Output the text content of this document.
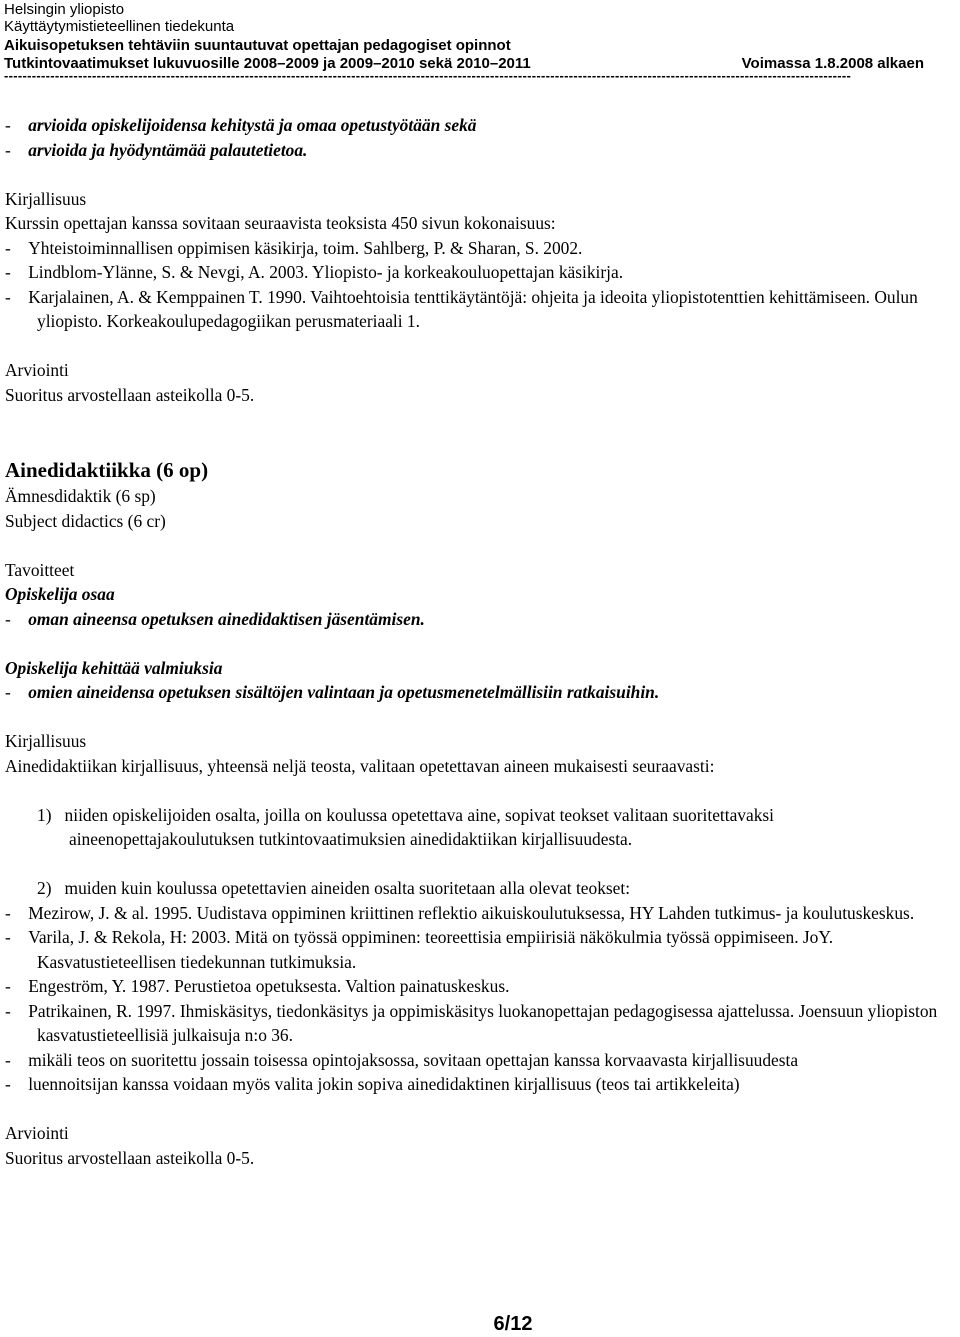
Helsingin yliopisto
Käyttäytymistieteellinen tiedekunta
Aikuisopetuksen tehtäviin suuntautuvat opettajan pedagogiset opinnot
Tutkintovaatimukset lukuvuosille 2008–2009 ja 2009–2010 sekä 2010–2011	Voimassa 1.8.2008 alkaen
---------------------------------------------------------------------------------------------------------------------------------------------------------------------------------------

- arvioida opiskelijoidensa kehitystä ja omaa opetustyötään sekä

- arvioida ja hyödyntämää palautetietoa.

Kirjallisuus

Kurssin opettajan kanssa sovitaan seuraavista teoksista 450 sivun kokonaisuus:

- Yhteistoiminnallisen oppimisen käsikirja, toim. Sahlberg, P. & Sharan, S. 2002.

- Lindblom-Ylänne, S. & Nevgi, A. 2003. Yliopisto- ja korkeakouluopettajan käsikirja.

- Karjalainen, A. & Kemppainen T. 1990. Vaihtoehtoisia tenttikäytäntöjä: ohjeita ja ideoita yliopistotenttien kehittämiseen. Oulun yliopisto. Korkeakoulupedagogiikan perusmateriaali 1.

Arviointi

Suoritus arvostellaan asteikolla 0-5.

Ainedidaktiikka (6 op)

Ämnesdidaktik (6 sp)

Subject didactics (6 cr)

Tavoitteet

Opiskelija osaa

- oman aineensa opetuksen ainedidaktisen jäsentämisen.

Opiskelija kehittää valmiuksia

- omien aineidensa opetuksen sisältöjen valintaan ja opetusmenetelmällisiin ratkaisuihin.

Kirjallisuus

Ainedidaktiikan kirjallisuus, yhteensä neljä teosta, valitaan opetettavan aineen mukaisesti seuraavasti:

1) niiden opiskelijoiden osalta, joilla on koulussa opetettava aine, sopivat teokset valitaan suoritettavaksi aineenopettajakoulutuksen tutkintovaatimuksien ainedidaktiikan kirjallisuudesta.

2) muiden kuin koulussa opetettavien aineiden osalta suoritetaan alla olevat teokset:

- Mezirow, J. & al. 1995. Uudistava oppiminen kriittinen reflektio aikuiskoulutuksessa, HY Lahden tutkimus- ja koulutuskeskus.

- Varila, J. & Rekola, H: 2003. Mitä on työssä oppiminen: teoreettisia empiirisiä näkökulmia työssä oppimiseen. JoY. Kasvatustieteellisen tiedekunnan tutkimuksia.

- Engeström, Y. 1987. Perustietoa opetuksesta. Valtion painatuskeskus.

- Patrikainen, R. 1997. Ihmiskäsitys, tiedonkäsitys ja oppimiskäsitys luokanopettajan pedagogisessa ajattelussa. Joensuun yliopiston kasvatustieteellisiä julkaisuja n:o 36.

- mikäli teos on suoritettu jossain toisessa opintojaksossa, sovitaan opettajan kanssa korvaavasta kirjallisuudesta

- luennoitsijan kanssa voidaan myös valita jokin sopiva ainedidaktinen kirjallisuus (teos tai artikkeleita)

Arviointi

Suoritus arvostellaan asteikolla 0-5.

6/12
